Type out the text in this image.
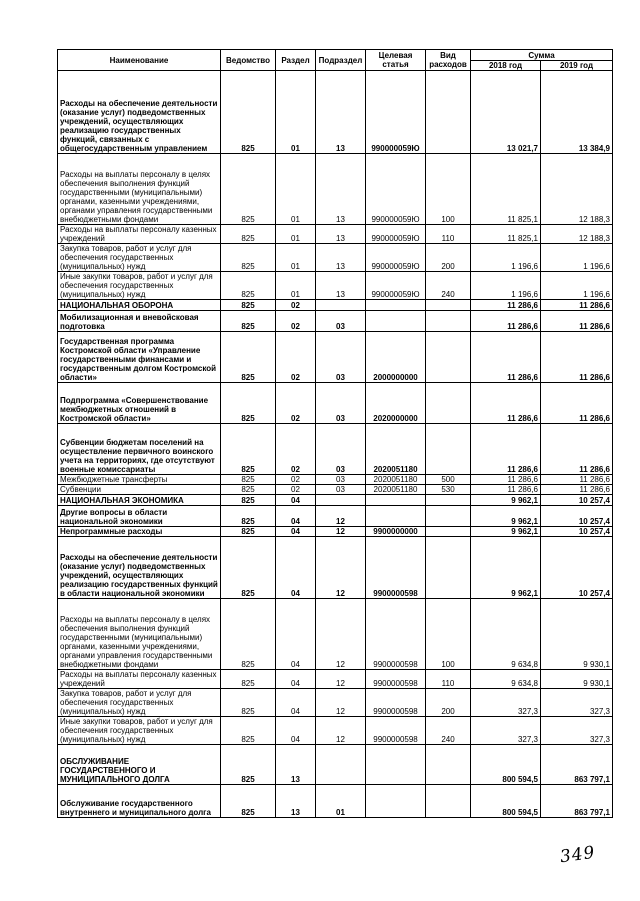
Наименование	Ведомство	Раздел	Подраздел	Целевая статья	Вид расходов	Сумма	
						2018 год	2019 год
Расходы на обеспечение деятельности (оказание услуг) подведомственных учреждений, осуществляющих реализацию государственных функций, связанных с общегосударственным управлением	825	01	13	990000059Ю		13 021,7	13 384,9
Расходы на выплаты персоналу в целях обеспечения выполнения функций государственными (муниципальными) органами, казенными учреждениями, органами управления государственными внебюджетными фондами	825	01	13	990000059Ю	100	11 825,1	12 188,3
Расходы на выплаты персоналу казенных учреждений	825	01	13	990000059Ю	110	11 825,1	12 188,3
Закупка товаров, работ и услуг для обеспечения государственных (муниципальных) нужд	825	01	13	990000059Ю	200	1 196,6	1 196,6
Иные закупки товаров, работ и услуг для обеспечения государственных (муниципальных) нужд	825	01	13	990000059Ю	240	1 196,6	1 196,6
НАЦИОНАЛЬНАЯ ОБОРОНА	825	02				11 286,6	11 286,6
Мобилизационная и вневойсковая подготовка	825	02	03			11 286,6	11 286,6
Государственная программа Костромской области «Управление государственными финансами и государственным долгом Костромской области»	825	02	03	2000000000		11 286,6	11 286,6
Подпрограмма «Совершенствование межбюджетных отношений в Костромской области»	825	02	03	2020000000		11 286,6	11 286,6
Субвенции бюджетам поселений на осуществление первичного воинского учета на территориях, где отсутствуют военные комиссариаты	825	02	03	2020051180		11 286,6	11 286,6
Межбюджетные трансферты	825	02	03	2020051180	500	11 286,6	11 286,6
Субвенции	825	02	03	2020051180	530	11 286,6	11 286,6
НАЦИОНАЛЬНАЯ ЭКОНОМИКА	825	04				9 962,1	10 257,4
Другие вопросы в области национальной экономики	825	04	12			9 962,1	10 257,4
Непрограммные расходы	825	04	12	9900000000		9 962,1	10 257,4
Расходы на обеспечение деятельности (оказание услуг) подведомственных учреждений, осуществляющих реализацию государственных функций в области национальной экономики	825	04	12	9900000598		9 962,1	10 257,4
Расходы на выплаты персоналу в целях обеспечения выполнения функций государственными (муниципальными) органами, казенными учреждениями, органами управления государственными внебюджетными фондами	825	04	12	9900000598	100	9 634,8	9 930,1
Расходы на выплаты персоналу казенных учреждений	825	04	12	9900000598	110	9 634,8	9 930,1
Закупка товаров, работ и услуг для обеспечения государственных (муниципальных) нужд	825	04	12	9900000598	200	327,3	327,3
Иные закупки товаров, работ и услуг для обеспечения государственных (муниципальных) нужд	825	04	12	9900000598	240	327,3	327,3
ОБСЛУЖИВАНИЕ ГОСУДАРСТВЕННОГО И МУНИЦИПАЛЬНОГО ДОЛГА	825	13				800 594,5	863 797,1
Обслуживание государственного внутреннего и муниципального долга	825	13	01			800 594,5	863 797,1
349
